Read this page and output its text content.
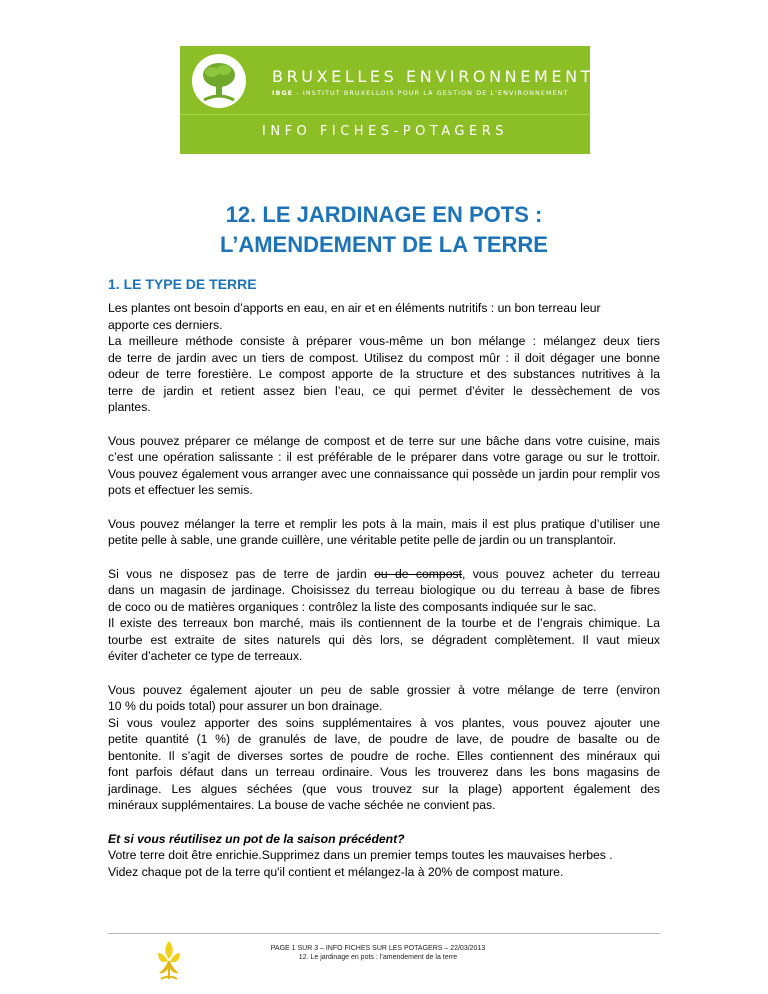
BRUXELLES ENVIRONNEMENT
IBGE - INSTITUT BRUXELLOIS POUR LA GESTION DE L'ENVIRONNEMENT
INFO FICHES-POTAGERS
12. LE JARDINAGE EN POTS :
L’AMENDEMENT DE LA TERRE
1. LE TYPE DE TERRE

Les plantes ont besoin d’apports en eau, en air et en éléments nutritifs : un bon terreau leur
apporte ces derniers.
La meilleure méthode consiste à préparer vous-même un bon mélange : mélangez deux tiers
de terre de jardin avec un tiers de compost. Utilisez du compost mûr : il doit dégager une bonne
odeur de terre forestière. Le compost apporte de la structure et des substances nutritives à la
terre de jardin et retient assez bien l’eau, ce qui permet d’éviter le dessèchement de vos
plantes.

Vous pouvez préparer ce mélange de compost et de terre sur une bâche dans votre cuisine, mais c’est une opération salissante : il est préférable de le préparer dans votre garage ou sur le trottoir. Vous pouvez également vous arranger avec une connaissance qui possède un jardin pour remplir vos pots et effectuer les semis.

Vous pouvez mélanger la terre et remplir les pots à la main, mais il est plus pratique d’utiliser une petite pelle à sable, une grande cuillère, une véritable petite pelle de jardin ou un transplantoir.

Si vous ne disposez pas de terre de jardin ou de compost, vous pouvez acheter du terreau
dans un magasin de jardinage. Choisissez du terreau biologique ou du terreau à base de fibres
de coco ou de matières organiques : contrôlez la liste des composants indiquée sur le sac.
Il existe des terreaux bon marché, mais ils contiennent de la tourbe et de l’engrais chimique. La
tourbe est extraite de sites naturels qui dès lors, se dégradent complètement. Il vaut mieux
éviter d’acheter ce type de terreaux.

Vous pouvez également ajouter un peu de sable grossier à votre mélange de terre (environ
10 % du poids total) pour assurer un bon drainage.
Si vous voulez apporter des soins supplémentaires à vos plantes, vous pouvez ajouter une
petite quantité (1 %) de granulés de lave, de poudre de lave, de poudre de basalte ou de
bentonite. Il s’agit de diverses sortes de poudre de roche. Elles contiennent des minéraux qui
font parfois défaut dans un terreau ordinaire. Vous les trouverez dans les bons magasins de
jardinage. Les algues séchées (que vous trouvez sur la plage) apportent également des
minéraux supplémentaires. La bouse de vache séchée ne convient pas.

Et si vous réutilisez un pot de la saison précédent?
Votre terre doit être enrichie.Supprimez dans un premier temps toutes les mauvaises herbes .
Videz chaque pot de la terre qu'il contient et mélangez-la à 20% de compost mature.

PAGE 1 SUR 3 – INFO FICHES SUR LES POTAGERS – 22/03/2013
12. Le jardinage en pots : l’amendement de la terre
